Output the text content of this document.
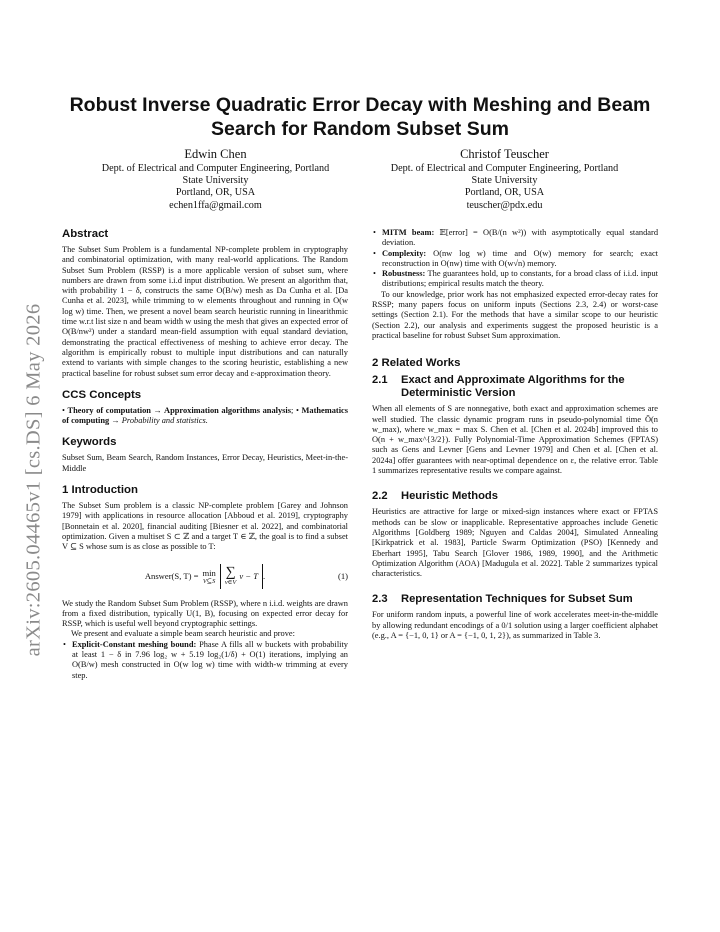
arXiv:2605.04465v1 [cs.DS] 6 May 2026
Robust Inverse Quadratic Error Decay with Meshing and Beam Search for Random Subset Sum
Edwin Chen
Dept. of Electrical and Computer Engineering, Portland
State University
Portland, OR, USA
echen1ffa@gmail.com
Christof Teuscher
Dept. of Electrical and Computer Engineering, Portland
State University
Portland, OR, USA
teuscher@pdx.edu
Abstract

The Subset Sum Problem is a fundamental NP-complete problem in cryptography and combinatorial optimization, with many real-world applications. The Random Subset Sum Problem (RSSP) is a more applicable version of subset sum, where numbers are drawn from some i.i.d input distribution. We present an algorithm that, with probability 1 − δ, constructs the same O(B/w) mesh as Da Cunha et al. [Da Cunha et al. 2023], while trimming to w elements throughout and running in O(w log w) time. Then, we present a novel beam search heuristic running in linearithmic time w.r.t list size n and beam width w using the mesh that gives an expected error of O(B/nw²) under a standard mean-field assumption with equal standard deviation, demonstrating the practical effectiveness of meshing to achieve error decay. The algorithm is empirically robust to multiple input distributions and can naturally extend to variants with simple changes to the scoring heuristic, establishing a new practical baseline for robust subset sum error decay and ε-approximation theory.

CCS Concepts

• Theory of computation → Approximation algorithms analysis; • Mathematics of computing → Probability and statistics.

Keywords

Subset Sum, Beam Search, Random Instances, Error Decay, Heuristics, Meet-in-the-Middle

1 Introduction

The Subset Sum problem is a classic NP-complete problem [Garey and Johnson 1979] with applications in resource allocation [Abboud et al. 2019], cryptography [Bonnetain et al. 2020], financial auditing [Biesner et al. 2022], and combinatorial optimization. Given a multiset S ⊂ ℤ and a target T ∈ ℤ, the goal is to find a subset V ⊆ S whose sum is as close as possible to T:

Answer(S, T) = min
V⊆S
∑
v∈V
v − T .	(1)

We study the Random Subset Sum Problem (RSSP), where n i.i.d. weights are drawn from a fixed distribution, typically U(1, B), focusing on expected error decay for RSSP, which is useful well beyond cryptographic settings.

We present and evaluate a simple beam search heuristic and prove:

• Explicit-Constant meshing bound: Phase A fills all w buckets with probability at least 1 − δ in 7.96 log₂ w + 5.19 log₂(1/δ) + O(1) iterations, implying an O(B/w) mesh constructed in O(w log w) time with width-w trimming at every step.
• MITM beam: 𝔼[error] = O(B/(n w²)) with asymptotically equal standard deviation.
• Complexity: O(nw log w) time and O(w) memory for search; exact reconstruction in O(nw) time with O(w√n) memory.
• Robustness: The guarantees hold, up to constants, for a broad class of i.i.d. input distributions; empirical results match the theory.

To our knowledge, prior work has not emphasized expected error-decay rates for RSSP; many papers focus on uniform inputs (Sections 2.3, 2.4) or worst-case settings (Section 2.1). For the methods that have a similar scope to our heuristic (Section 2.2), our analysis and experiments suggest the proposed heuristic is a practical baseline for robust Subset Sum approximation.

2 Related Works
2.1	Exact and Approximate Algorithms for the Deterministic Version

When all elements of S are nonnegative, both exact and approximation schemes are well studied. The classic dynamic program runs in pseudo-polynomial time Õ(n w_max), where w_max = max S. Chen et al. [Chen et al. 2024b] improved this to O(n + w_max^{3/2}). Fully Polynomial-Time Approximation Schemes (FPTAS) such as Gens and Levner [Gens and Levner 1979] and Chen et al. [Chen et al. 2024a] offer guarantees with near-optimal dependence on ε, the relative error. Table 1 summarizes representative results we compare against.

2.2	Heuristic Methods

Heuristics are attractive for large or mixed-sign instances where exact or FPTAS methods can be slow or inapplicable. Representative approaches include Genetic Algorithms [Goldberg 1989; Nguyen and Caldas 2004], Simulated Annealing [Kirkpatrick et al. 1983], Particle Swarm Optimization (PSO) [Kennedy and Eberhart 1995], Tabu Search [Glover 1986, 1989, 1990], and the Arithmetic Optimization Algorithm (AOA) [Madugula et al. 2022]. Table 2 summarizes typical characteristics.

2.3	Representation Techniques for Subset Sum

For uniform random inputs, a powerful line of work accelerates meet-in-the-middle by allowing redundant encodings of a 0/1 solution using a larger coefficient alphabet (e.g., A = {−1, 0, 1} or A = {−1, 0, 1, 2}), as summarized in Table 3.
